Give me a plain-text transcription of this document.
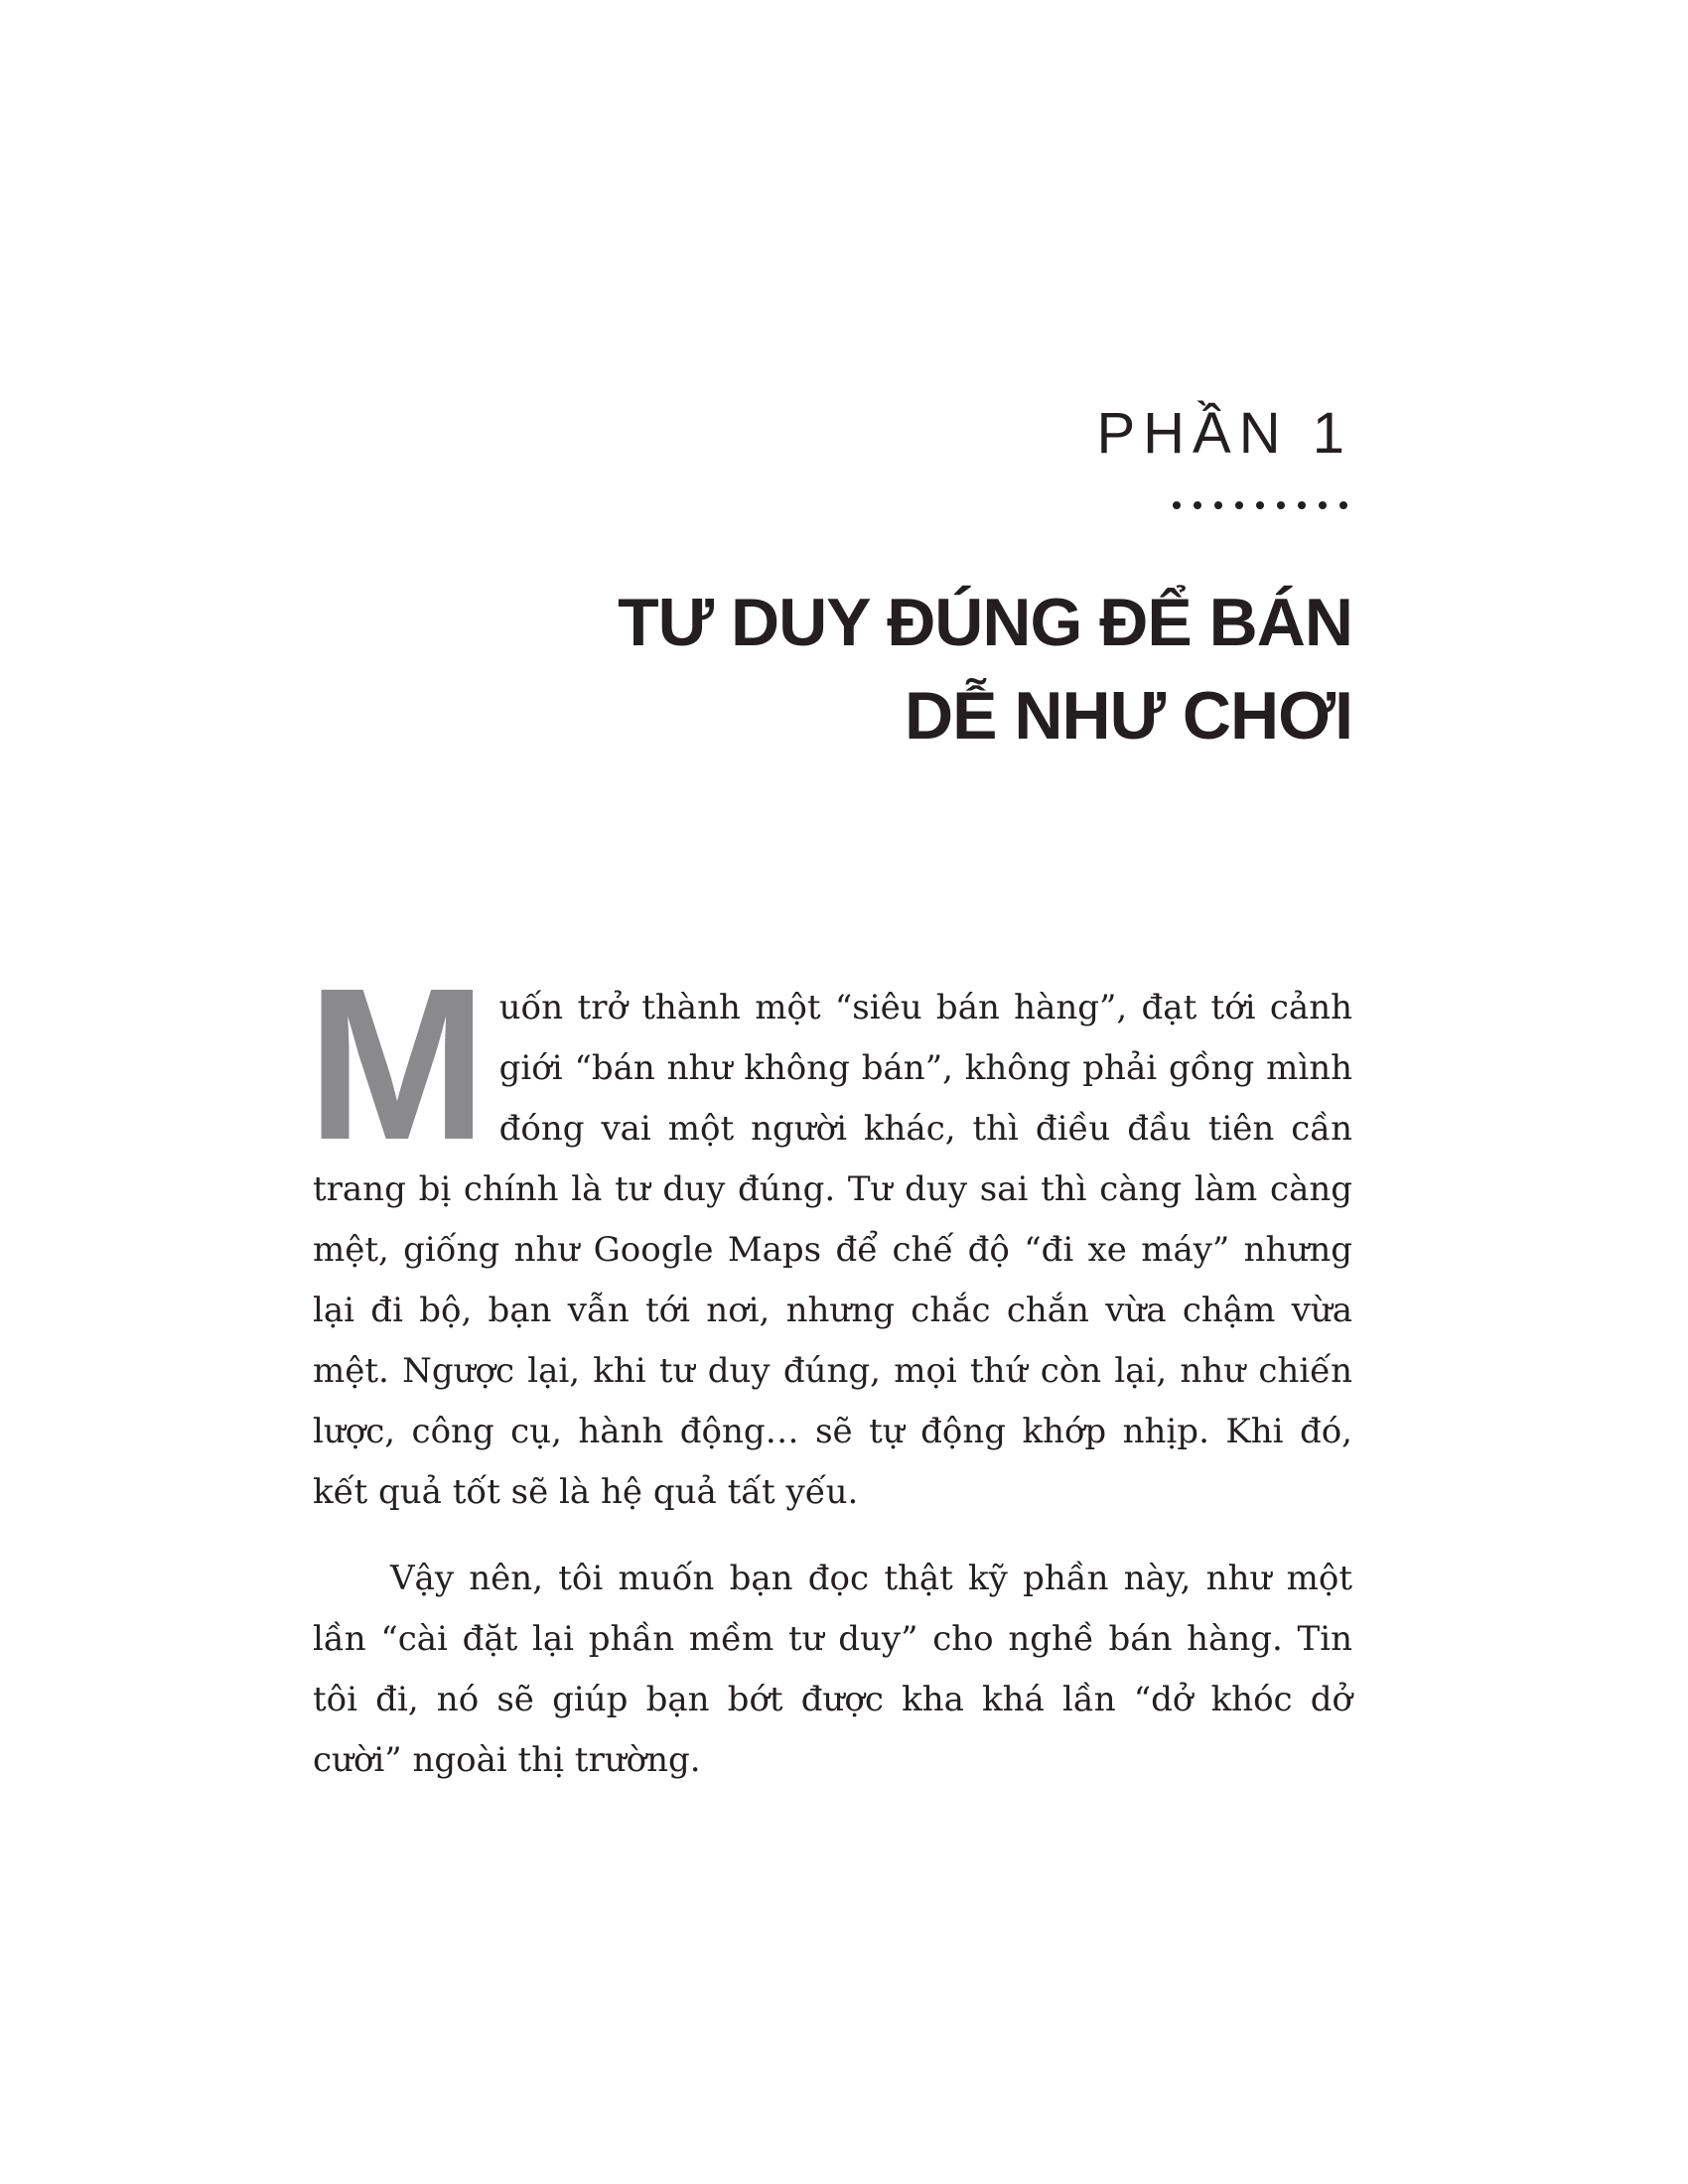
PHẦN 1
TƯ DUY ĐÚNG ĐỂ BÁN
DỄ NHƯ CHƠI

Muốn trở thành một “siêu bán hàng”, đạt tới cảnh giới “bán như không bán”, không phải gồng mình đóng vai một người khác, thì điều đầu tiên cần trang bị chính là tư duy đúng. Tư duy sai thì càng làm càng mệt, giống như Google Maps để chế độ “đi xe máy” nhưng lại đi bộ, bạn vẫn tới nơi, nhưng chắc chắn vừa chậm vừa mệt. Ngược lại, khi tư duy đúng, mọi thứ còn lại, như chiến lược, công cụ, hành động… sẽ tự động khớp nhịp. Khi đó, kết quả tốt sẽ là hệ quả tất yếu.

Vậy nên, tôi muốn bạn đọc thật kỹ phần này, như một lần “cài đặt lại phần mềm tư duy” cho nghề bán hàng. Tin tôi đi, nó sẽ giúp bạn bớt được kha khá lần “dở khóc dở cười” ngoài thị trường.
